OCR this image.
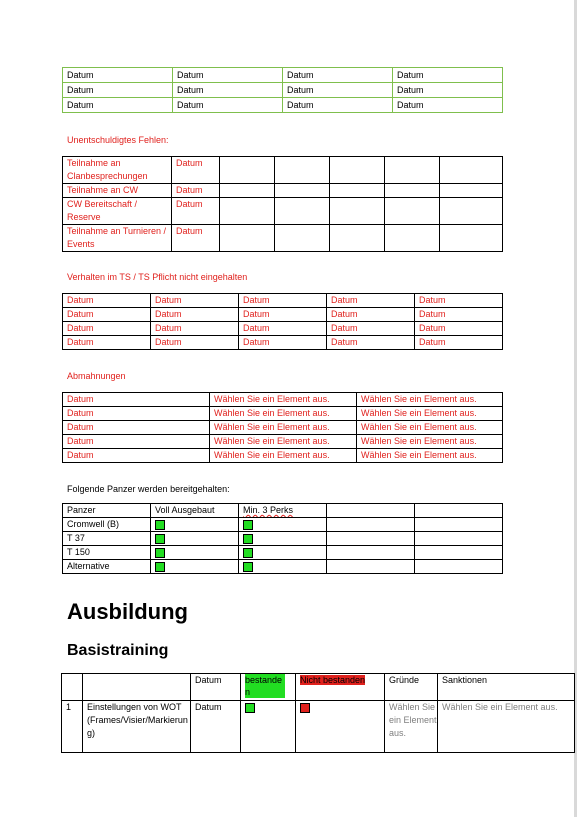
Datum	Datum	Datum	Datum
Datum	Datum	Datum	Datum
Datum	Datum	Datum	Datum
Unentschuldigtes Fehlen:
Teilnahme an Clanbesprechungen	Datum					
Teilnahme an CW	Datum					
CW Bereitschaft / Reserve	Datum					
Teilnahme an Turnieren / Events	Datum					
Verhalten im TS / TS Pflicht nicht eingehalten
Datum	Datum	Datum	Datum	Datum
Datum	Datum	Datum	Datum	Datum
Datum	Datum	Datum	Datum	Datum
Datum	Datum	Datum	Datum	Datum
Abmahnungen
Datum	Wählen Sie ein Element aus.	Wählen Sie ein Element aus.
Datum	Wählen Sie ein Element aus.	Wählen Sie ein Element aus.
Datum	Wählen Sie ein Element aus.	Wählen Sie ein Element aus.
Datum	Wählen Sie ein Element aus.	Wählen Sie ein Element aus.
Datum	Wählen Sie ein Element aus.	Wählen Sie ein Element aus.
Folgende Panzer werden bereitgehalten:
Panzer	Voll Ausgebaut	Min. 3 Perks		
Cromwell (B)				
T 37				
T 150				
Alternative				
Ausbildung
Basistraining
		Datum	bestanden	Nicht bestanden	Gründe	Sanktionen
1	Einstellungen von WOT (Frames/Visier/Markierung)	Datum			Wählen Sie ein Element aus.	Wählen Sie ein Element aus.
